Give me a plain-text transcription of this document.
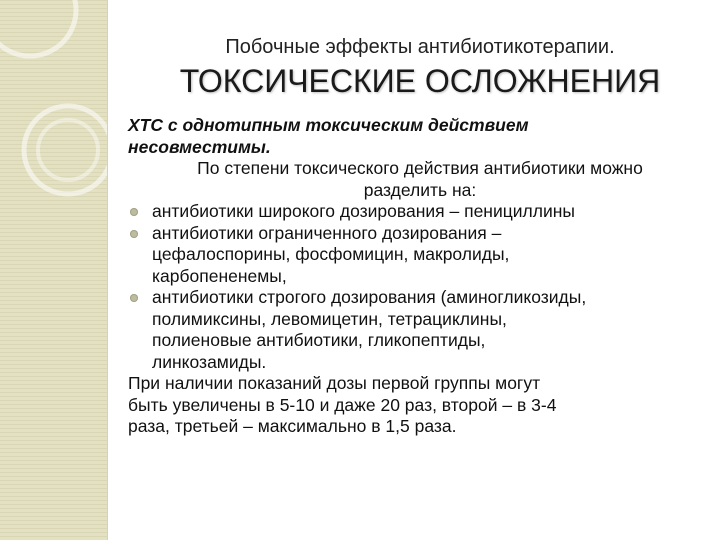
Побочные эффекты антибиотикотерапии.
ТОКСИЧЕСКИЕ ОСЛОЖНЕНИЯ
ХТС с однотипным токсическим действием
несовместимы.
По степени токсического действия антибиотики можно
разделить на:
антибиотики широкого дозирования – пенициллины
антибиотики ограниченного дозирования –
цефалоспорины, фосфомицин, макролиды,
карбопененемы,
антибиотики строгого дозирования (аминогликозиды,
полимиксины, левомицетин, тетрациклины,
полиеновые антибиотики, гликопептиды,
линкозамиды.
При наличии показаний дозы первой группы могут
быть увеличены в 5-10 и даже 20 раз, второй – в 3-4
раза, третьей – максимально в 1,5 раза.
